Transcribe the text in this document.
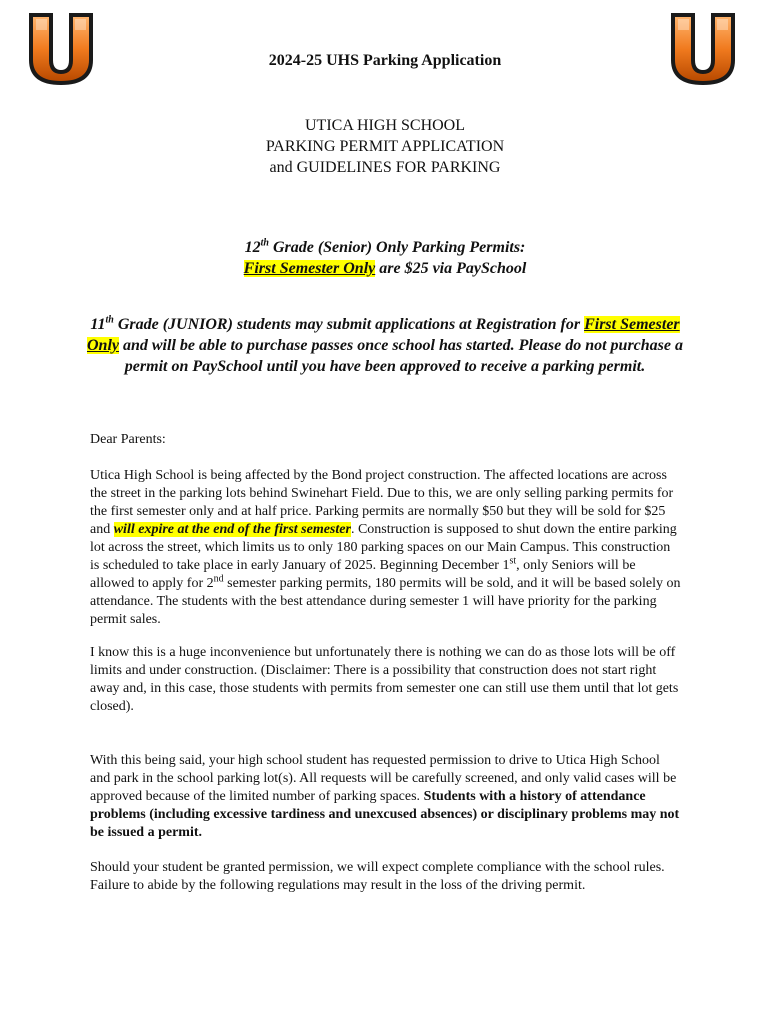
2024-25 UHS Parking Application
UTICA HIGH SCHOOL
PARKING PERMIT APPLICATION
and GUIDELINES FOR PARKING
12th Grade (Senior) Only Parking Permits:
First Semester Only are $25 via PaySchool
11th Grade (JUNIOR) students may submit applications at Registration for First Semester Only and will be able to purchase passes once school has started. Please do not purchase a permit on PaySchool until you have been approved to receive a parking permit.
Dear Parents:
Utica High School is being affected by the Bond project construction. The affected locations are across the street in the parking lots behind Swinehart Field. Due to this, we are only selling parking permits for the first semester only and at half price. Parking permits are normally $50 but they will be sold for $25 and will expire at the end of the first semester. Construction is supposed to shut down the entire parking lot across the street, which limits us to only 180 parking spaces on our Main Campus. This construction is scheduled to take place in early January of 2025. Beginning December 1st, only Seniors will be allowed to apply for 2nd semester parking permits, 180 permits will be sold, and it will be based solely on attendance. The students with the best attendance during semester 1 will have priority for the parking permit sales.
I know this is a huge inconvenience but unfortunately there is nothing we can do as those lots will be off limits and under construction. (Disclaimer: There is a possibility that construction does not start right away and, in this case, those students with permits from semester one can still use them until that lot gets closed).
With this being said, your high school student has requested permission to drive to Utica High School and park in the school parking lot(s). All requests will be carefully screened, and only valid cases will be approved because of the limited number of parking spaces. Students with a history of attendance problems (including excessive tardiness and unexcused absences) or disciplinary problems may not be issued a permit.
Should your student be granted permission, we will expect complete compliance with the school rules. Failure to abide by the following regulations may result in the loss of the driving permit.
